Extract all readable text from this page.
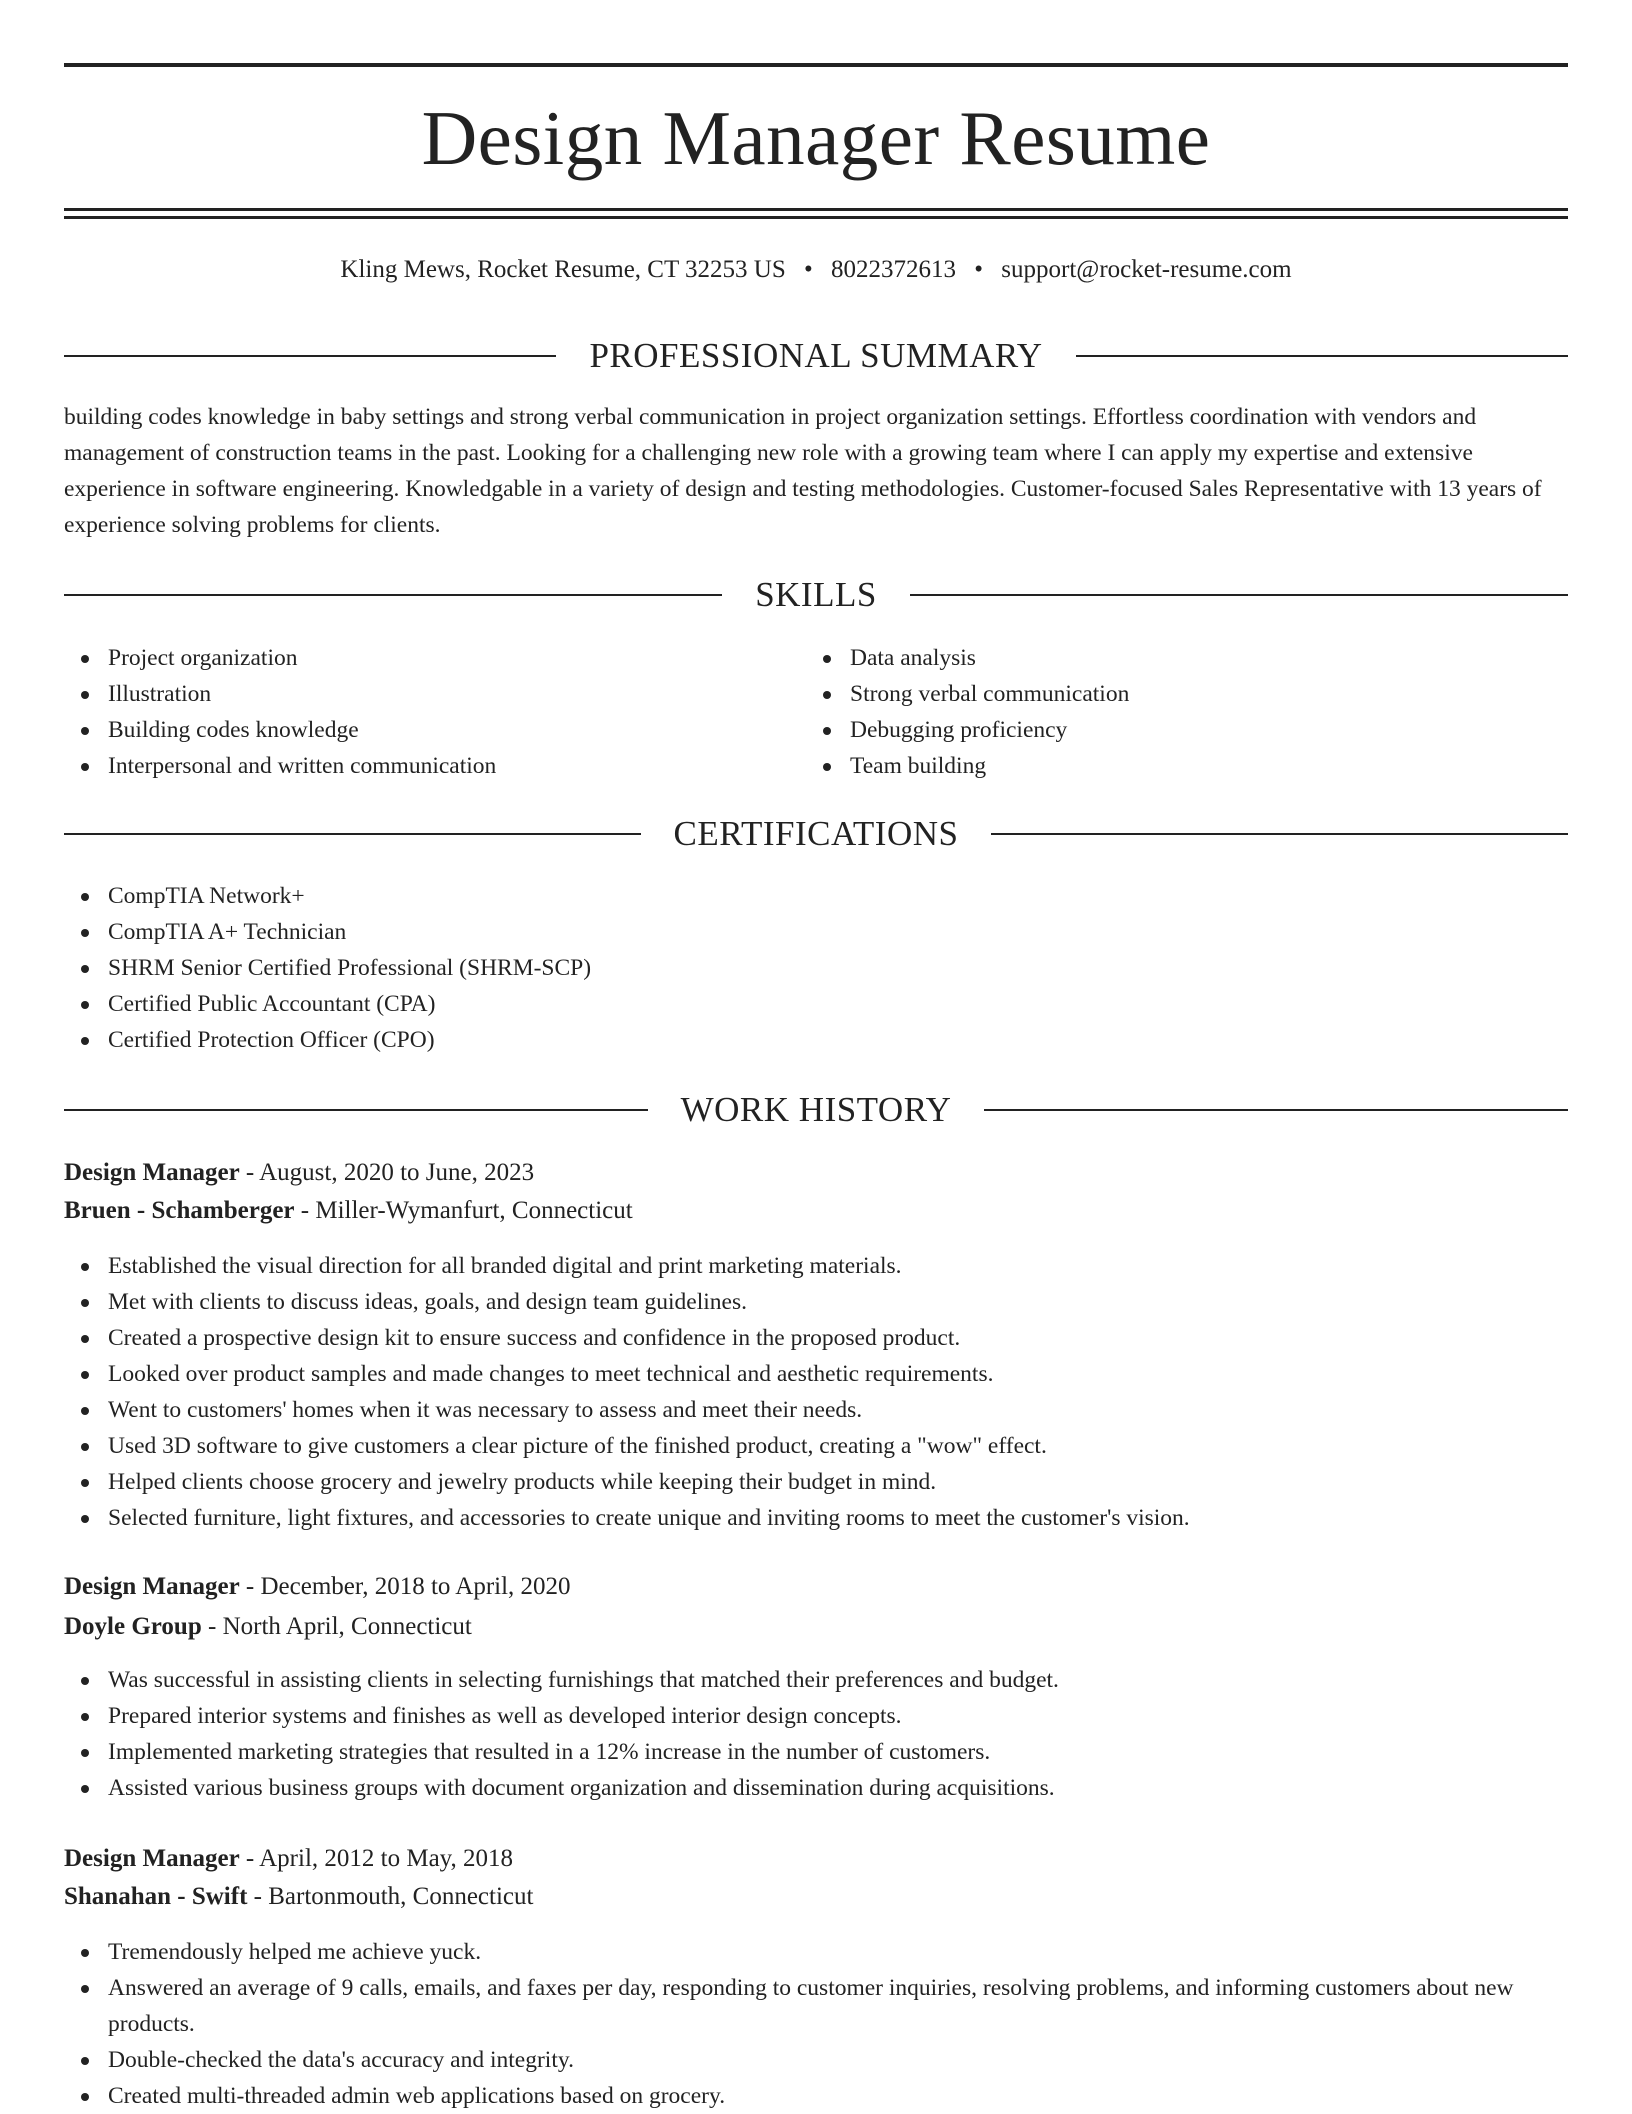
Design Manager Resume
Kling Mews, Rocket Resume, CT 32253 US • 8022372613 • support@rocket-resume.com
PROFESSIONAL SUMMARY

building codes knowledge in baby settings and strong verbal communication in project organization settings. Effortless coordination with vendors and management of construction teams in the past. Looking for a challenging new role with a growing team where I can apply my expertise and extensive experience in software engineering. Knowledgable in a variety of design and testing methodologies. Customer-focused Sales Representative with 13 years of experience solving problems for clients.

SKILLS
Project organization
Illustration
Building codes knowledge
Interpersonal and written communication
Data analysis
Strong verbal communication
Debugging proficiency
Team building
CERTIFICATIONS
CompTIA Network+
CompTIA A+ Technician
SHRM Senior Certified Professional (SHRM-SCP)
Certified Public Accountant (CPA)
Certified Protection Officer (CPO)
WORK HISTORY
Design Manager - August, 2020 to June, 2023
Bruen - Schamberger - Miller-Wymanfurt, Connecticut
Established the visual direction for all branded digital and print marketing materials.
Met with clients to discuss ideas, goals, and design team guidelines.
Created a prospective design kit to ensure success and confidence in the proposed product.
Looked over product samples and made changes to meet technical and aesthetic requirements.
Went to customers' homes when it was necessary to assess and meet their needs.
Used 3D software to give customers a clear picture of the finished product, creating a "wow" effect.
Helped clients choose grocery and jewelry products while keeping their budget in mind.
Selected furniture, light fixtures, and accessories to create unique and inviting rooms to meet the customer's vision.
Design Manager - December, 2018 to April, 2020
Doyle Group - North April, Connecticut
Was successful in assisting clients in selecting furnishings that matched their preferences and budget.
Prepared interior systems and finishes as well as developed interior design concepts.
Implemented marketing strategies that resulted in a 12% increase in the number of customers.
Assisted various business groups with document organization and dissemination during acquisitions.
Design Manager - April, 2012 to May, 2018
Shanahan - Swift - Bartonmouth, Connecticut
Tremendously helped me achieve yuck.
Answered an average of 9 calls, emails, and faxes per day, responding to customer inquiries, resolving problems, and informing customers about new products.
Double-checked the data's accuracy and integrity.
Created multi-threaded admin web applications based on grocery.
